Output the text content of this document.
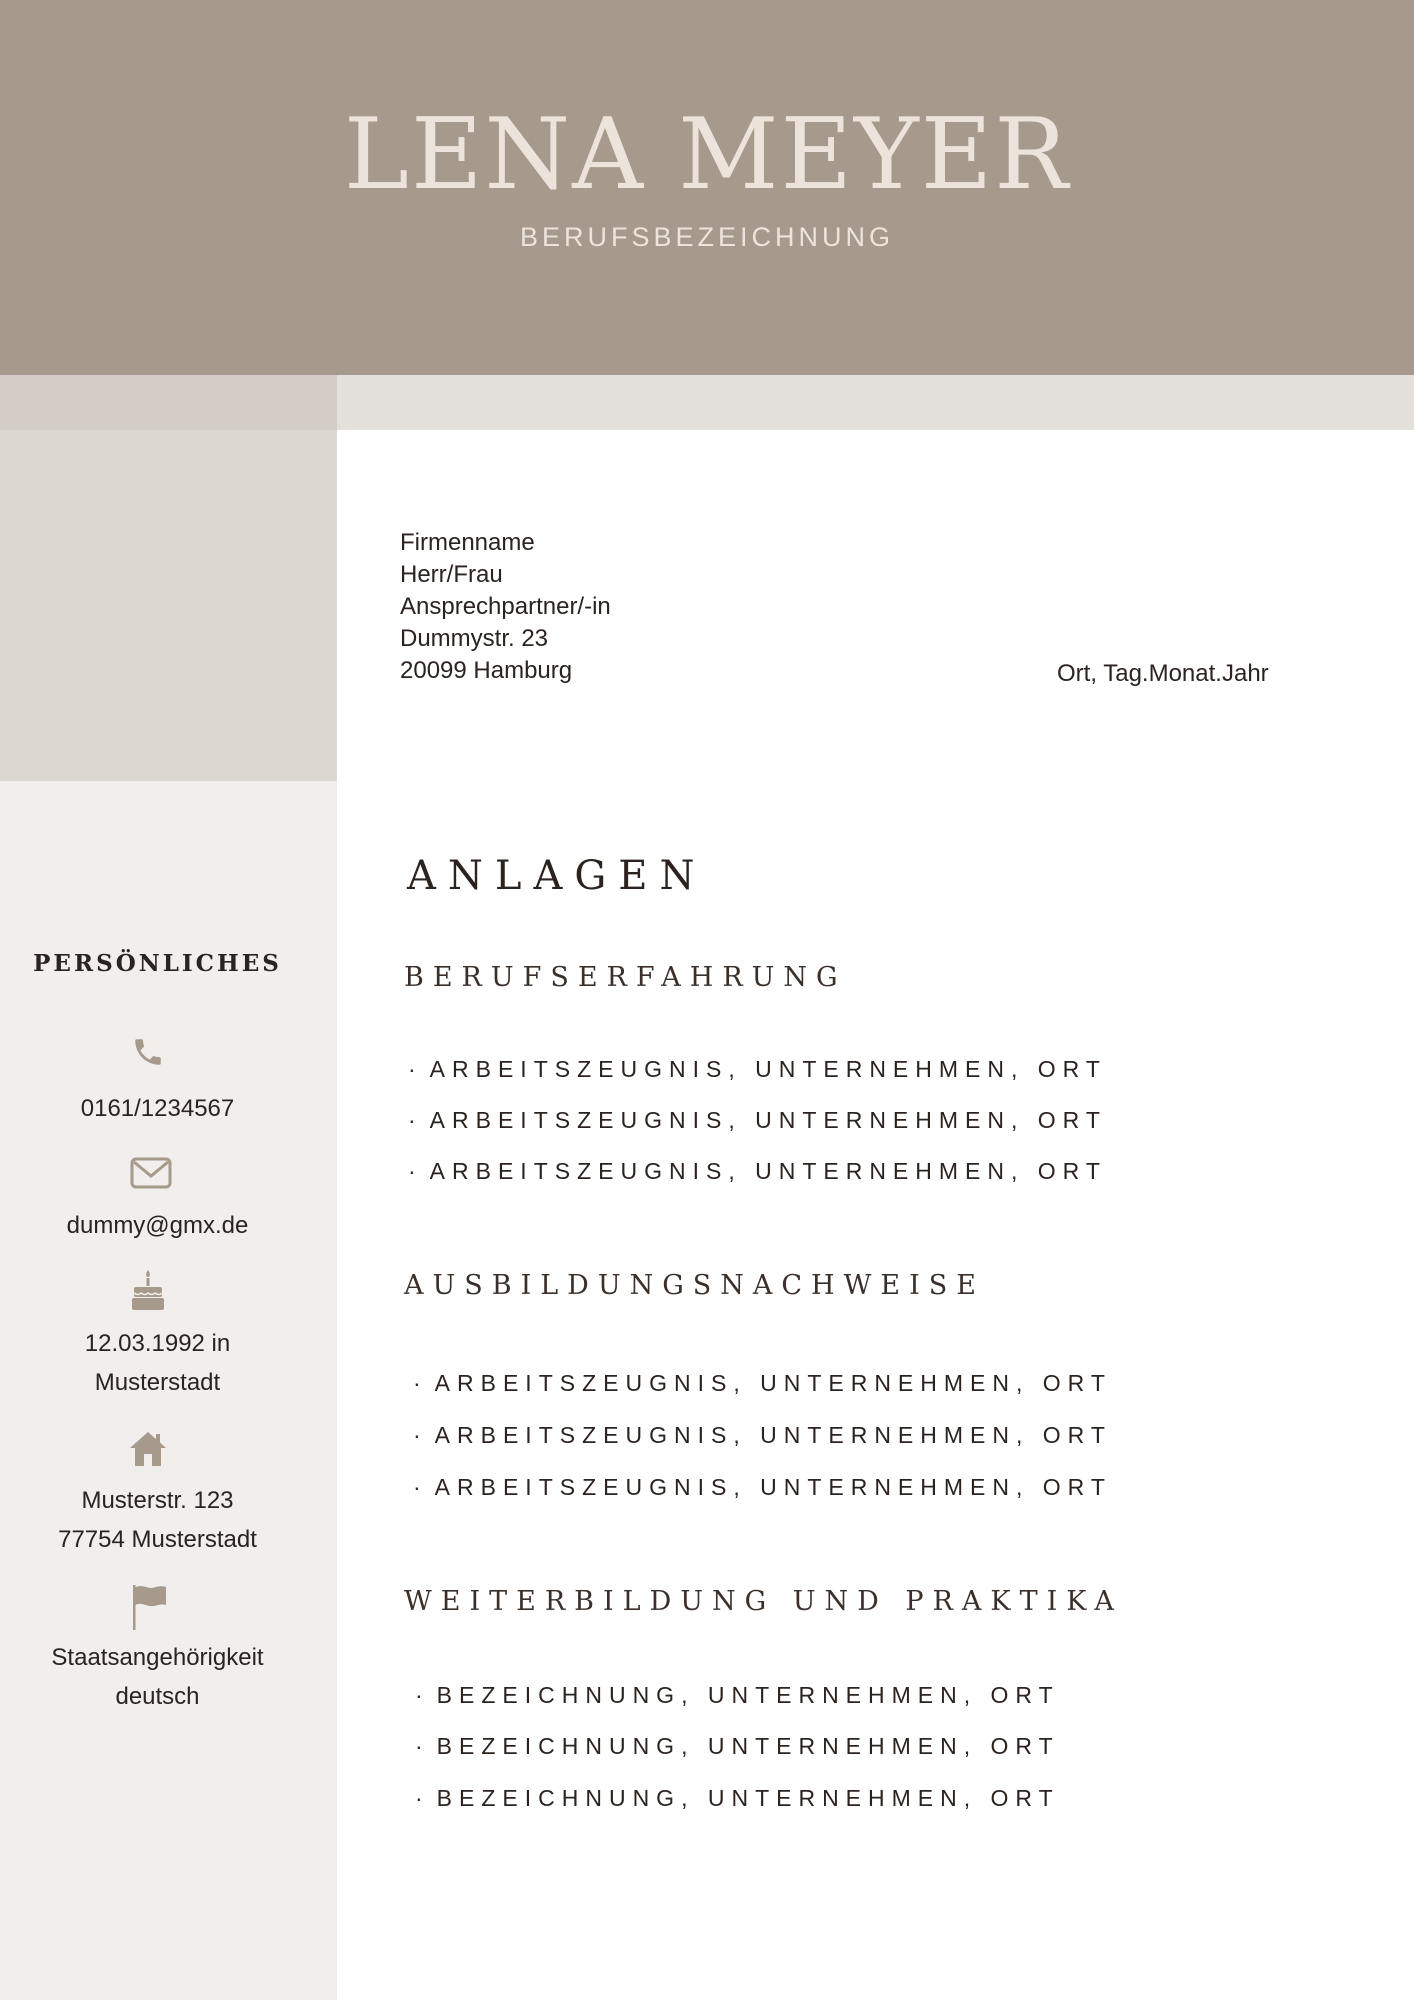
LENA MEYER
BERUFSBEZEICHNUNG
Firmenname
Herr/Frau
Ansprechpartner/-in
Dummystr. 23
20099 Hamburg	Ort, Tag.Monat.Jahr
ANLAGEN
BERUFSERFAHRUNG
· ARBEITSZEUGNIS, UNTERNEHMEN, ORT
· ARBEITSZEUGNIS, UNTERNEHMEN, ORT
· ARBEITSZEUGNIS, UNTERNEHMEN, ORT
AUSBILDUNGSNACHWEISE
· ARBEITSZEUGNIS, UNTERNEHMEN, ORT
· ARBEITSZEUGNIS, UNTERNEHMEN, ORT
· ARBEITSZEUGNIS, UNTERNEHMEN, ORT
WEITERBILDUNG UND PRAKTIKA
· BEZEICHNUNG, UNTERNEHMEN, ORT
· BEZEICHNUNG, UNTERNEHMEN, ORT
· BEZEICHNUNG, UNTERNEHMEN, ORT
PERSÖNLICHES
0161/1234567
dummy@gmx.de
12.03.1992 in
Musterstadt
Musterstr. 123
77754 Musterstadt
Staatsangehörigkeit
deutsch
